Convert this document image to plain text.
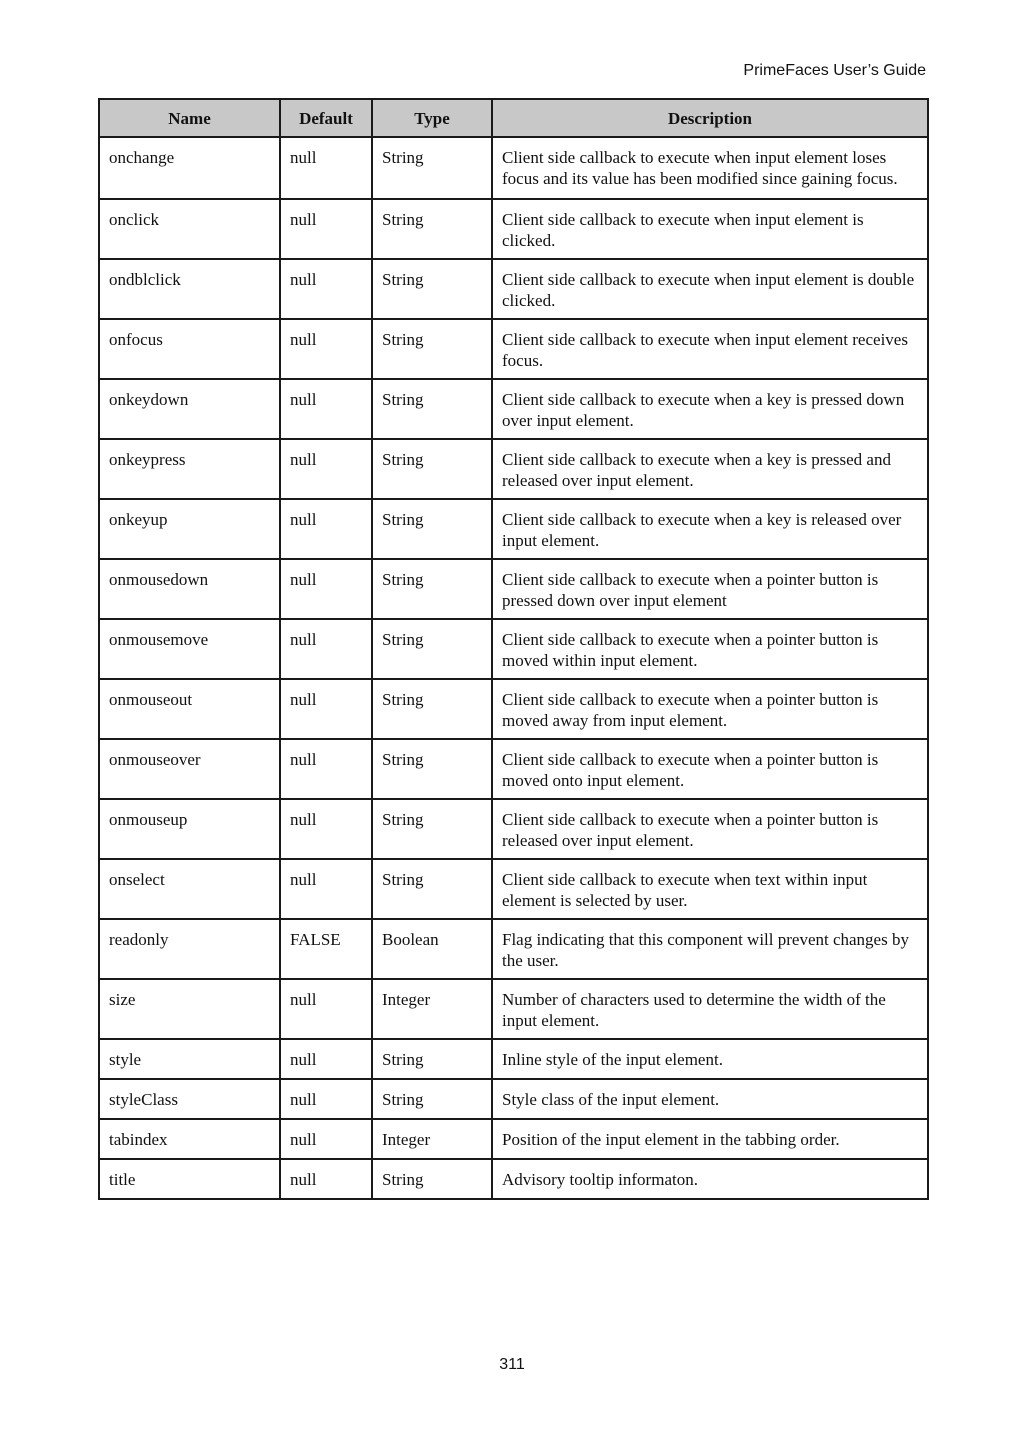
PrimeFaces User’s Guide
Name	Default	Type	Description
onchange	null	String	Client side callback to execute when input element loses focus and its value has been modified since gaining focus.
onclick	null	String	Client side callback to execute when input element is clicked.
ondblclick	null	String	Client side callback to execute when input element is double clicked.
onfocus	null	String	Client side callback to execute when input element receives focus.
onkeydown	null	String	Client side callback to execute when a key is pressed down over input element.
onkeypress	null	String	Client side callback to execute when a key is pressed and released over input element.
onkeyup	null	String	Client side callback to execute when a key is released over input element.
onmousedown	null	String	Client side callback to execute when a pointer button is pressed down over input element
onmousemove	null	String	Client side callback to execute when a pointer button is moved within input element.
onmouseout	null	String	Client side callback to execute when a pointer button is moved away from input element.
onmouseover	null	String	Client side callback to execute when a pointer button is moved onto input element.
onmouseup	null	String	Client side callback to execute when a pointer button is released over input element.
onselect	null	String	Client side callback to execute when text within input element is selected by user.
readonly	FALSE	Boolean	Flag indicating that this component will prevent changes by the user.
size	null	Integer	Number of characters used to determine the width of the input element.
style	null	String	Inline style of the input element.
styleClass	null	String	Style class of the input element.
tabindex	null	Integer	Position of the input element in the tabbing order.
title	null	String	Advisory tooltip informaton.
311
